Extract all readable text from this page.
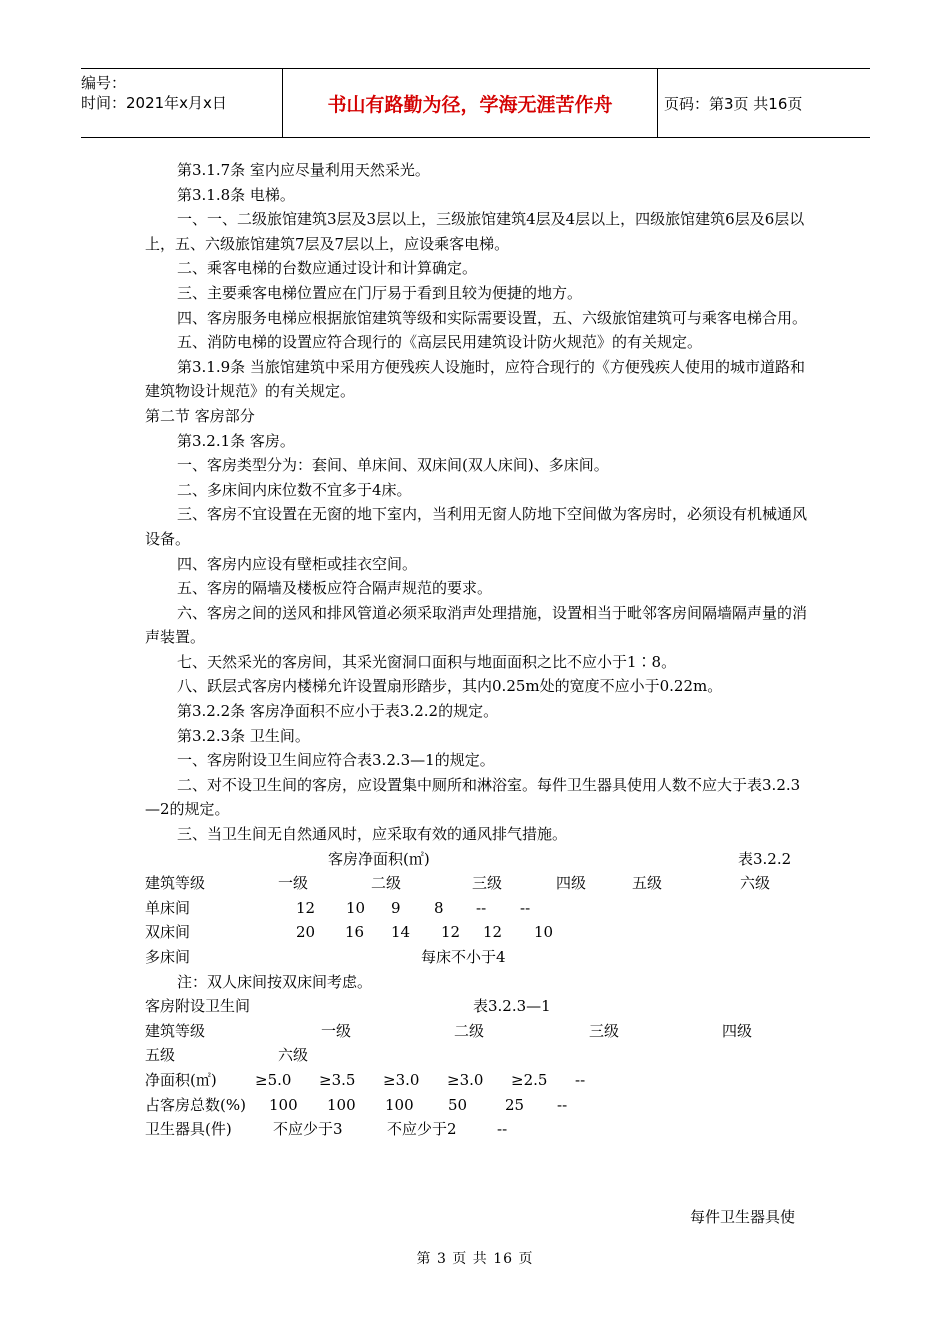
编号：
时间：2021年x月x日	书山有路勤为径，学海无涯苦作舟	页码：第3页 共16页

第3.1.7条 室内应尽量利用天然采光。

第3.1.8条 电梯。

一、一、二级旅馆建筑3层及3层以上，三级旅馆建筑4层及4层以上，四级旅馆建筑6层及6层以上，五、六级旅馆建筑7层及7层以上，应设乘客电梯。

二、乘客电梯的台数应通过设计和计算确定。

三、主要乘客电梯位置应在门厅易于看到且较为便捷的地方。

四、客房服务电梯应根据旅馆建筑等级和实际需要设置，五、六级旅馆建筑可与乘客电梯合用。

五、消防电梯的设置应符合现行的《高层民用建筑设计防火规范》的有关规定。

第3.1.9条 当旅馆建筑中采用方便残疾人设施时，应符合现行的《方便残疾人使用的城市道路和建筑物设计规范》的有关规定。

第二节 客房部分

第3.2.1条 客房。

一、客房类型分为：套间、单床间、双床间(双人床间)、多床间。

二、多床间内床位数不宜多于4床。

三、客房不宜设置在无窗的地下室内，当利用无窗人防地下空间做为客房时，必须设有机械通风设备。

四、客房内应设有壁柜或挂衣空间。

五、客房的隔墙及楼板应符合隔声规范的要求。

六、客房之间的送风和排风管道必须采取消声处理措施，设置相当于毗邻客房间隔墙隔声量的消声装置。

七、天然采光的客房间，其采光窗洞口面积与地面面积之比不应小于1∶8。

八、跃层式客房内楼梯允许设置扇形踏步，其内0.25m处的宽度不应小于0.22m。

第3.2.2条 客房净面积不应小于表3.2.2的规定。

第3.2.3条 卫生间。

一、客房附设卫生间应符合表3.2.3—1的规定。

二、对不设卫生间的客房，应设置集中厕所和淋浴室。每件卫生器具使用人数不应大于表3.2.3—2的规定。

三、当卫生间无自然通风时，应采取有效的通风排气措施。

客房净面积(㎡)	表3.2.2
建筑等级	一级	二级	三级	四级	五级	六级
单床间	12	10	9	8	--	--
双床间	20	16	14	12	12	10
多床间	每床不小于4
注：双人床间按双床间考虑。
客房附设卫生间	表3.2.3—1
建筑等级	一级	二级	三级	四级
五级	六级
净面积(㎡)	≥5.0	≥3.5	≥3.0	≥3.0	≥2.5	--
占客房总数(%)	100	100	100	50	25	--
卫生器具(件)	不应少于3	不应少于2	--
每件卫生器具使
第 3 页 共 16 页
